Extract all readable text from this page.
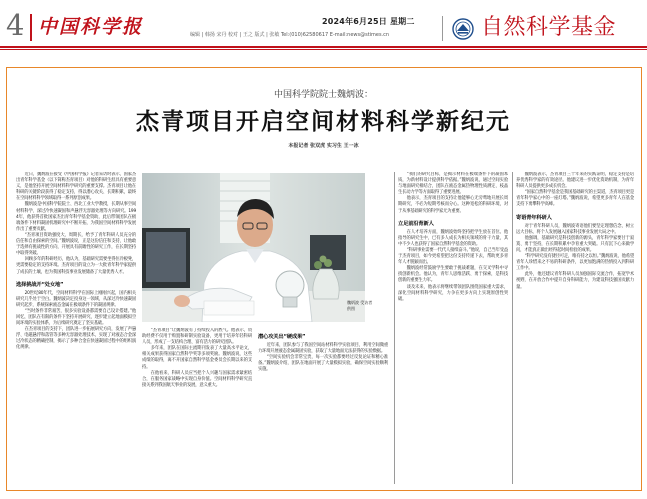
4 中国科学报	2024年6月25日 星期二
编辑 | 韩扬 宋丹 校对 | 王之 版式 | 张敏 Tel:(010)62580617 E-mail:news@stimes.cn	自然科学基金
中国科学院院士魏炳波：
杰青项目开启空间材料科学新纪元
本报记者 张双虎 实习生 王一冰
魏炳波 受访者供图

近日，魏炳波在接受《中国科学报》记者采访时表示，国家杰出青年科学基金（以下简称杰青项目）对他的科研生涯具有重要意义，是他坚持开展空间材料科学研究的重要支撑。杰青项目让他在科研的关键阶段获得了稳定支持，得以潜心攻关、长期积累，最终在空间材料科学领域取得一系列原创成果。

魏炳波是中国科学院院士、西北工业大学教授，长期从事空间材料科学、深过冷快速凝固和声悬浮无容器处理等方向研究。1994年，他获得首批国家杰出青年科学基金资助，此后带领团队在极端条件下材料凝固机理研究中不断开拓，为我国空间材料科学发展作出了重要贡献。

“杰青项目资助强度大、周期长，给予了青年科研人员充分的信任和自由探索的空间。”魏炳波说，正是这份信任和支持，让他敢于选择有挑战性的方向，开展具有前瞻性的研究工作，在长期坚持中取得突破。

回顾多年的科研经历，他认为，基础研究需要坐得住冷板凳，更需要稳定的支持环境。杰青项目的设立为一大批青年科学家提供了成长的土壤，也为我国科技事业发展储备了大量优秀人才。

选择挑战开“处女地”

20世纪80年代，空间材料科学在国际上刚刚兴起，国内相关研究几乎处于空白。魏炳波决定投身这一领域，从深过冷快速凝固研究起步，系统探索液态金属在极端条件下的凝固规律。

“当时条件非常艰苦，很多实验设备都需要自己设计搭建。”他回忆，团队在有限的条件下坚持开展研究，逐步建立起地面模拟空间环境的实验体系，为后续研究奠定了坚实基础。

在杰青项目的支持下，团队进一步拓展研究方向，发展了声悬浮、电磁悬浮和落管等多种无容器处理技术，实现了对液态合金深过冷状态的精确控制，揭示了多种合金在快速凝固过程中的组织演化规律。

“杰青项目”让魏炳波有了持续投入的底气。他表示，资助经费不仅用于购置和研制实验设备，更用于培养年轻科研人员，形成了一支结构合理、富有活力的研究团队。

多年来，团队在国际主流期刊发表了大量高水平论文，相关成果获得国家自然科学奖等多项奖励。魏炳波说，这些成绩的取得，离不开国家自然科学基金委员会长期以来的支持。

在他看来，科研人员应当把个人兴趣与国家需求紧密结合，在服务国家战略中实现自身价值。空间材料科学研究直接关系到我国航天事业的发展，意义重大。

潜心攻关出“硬成果”

近年来，团队参与了我国空间站材料科学实验项目，利用空间微重力环境开展液态金属凝固实验，获取了大量地面无法获得的实验数据。

“空间实验机会非常宝贵，每一次实验都要经过反复论证和精心准备。”魏炳波介绍，团队在地面开展了大量模拟实验，确保空间实验顺利实施。

“我们的研究目标，是揭示材料在极端条件下的凝固本质，为新材料设计提供科学依据。”魏炳波说，通过空间实验与地面研究相结合，团队在液态金属热物理性质测定、枝晶生长动力学等方面取得了重要进展。

他表示，杰青项目的支持让他能够心无旁骛地开展长周期研究，不必为短期考核而分心。这种宽松的科研环境，对于从事基础研究的科学家尤为重要。

立足前沿育新人

在人才培养方面，魏炳波始终坚持把学生放在首位。他指导的研究生中，已有多人成长为相关领域的骨干力量，其中不少人也获得了国家自然科学基金的资助。

“科研事业需要一代代人接续奋斗。”他说，自己当年受益于杰青项目，如今更希望把这份支持传递下去，帮助更多青年人才脱颖而出。

魏炳波经常鼓励学生要敢于挑战难题，在交叉学科中寻找创新机会。他认为，青年人思维活跃、勇于探索，是科技创新的重要生力军。

谈及未来，他表示将继续带领团队围绕国家重大需求，深化空间材料科学研究，力争在更多方向上实现原创性突破。

魏炳波表示，杰青项目三十年来的实践证明，稳定支持是培养优秀科学家的有效途径。他建议进一步优化资助机制，为青年科研人员提供更多成长机会。

“国家自然科学基金是我国基础研究的主渠道，杰青项目更是青年科学家心中的一座灯塔。”魏炳波说，希望更多青年人在基金支持下勇攀科学高峰。

寄语青年科研人

对于青年科研人员，魏炳波寄语他们要坚定理想信念，树立远大目标，将个人发展融入国家科技事业发展大局之中。

他强调，基础研究是科技创新的源头，青年科学家要甘于寂寞、勇于坚持，在长期积累中孕育重大突破。只有沉下心来做学问，才能真正做出经得起时间检验的成果。

“科学研究没有捷径可走，唯有持之以恒。”魏炳波说，他希望青年人珍惜来之不易的科研条件，以更加饱满的热情投入到科研工作中。

此外，他还建议青年科研人员加强国际交流合作，拓宽学术视野，在开放合作中提升自身科研能力，为建设科技强国贡献力量。
